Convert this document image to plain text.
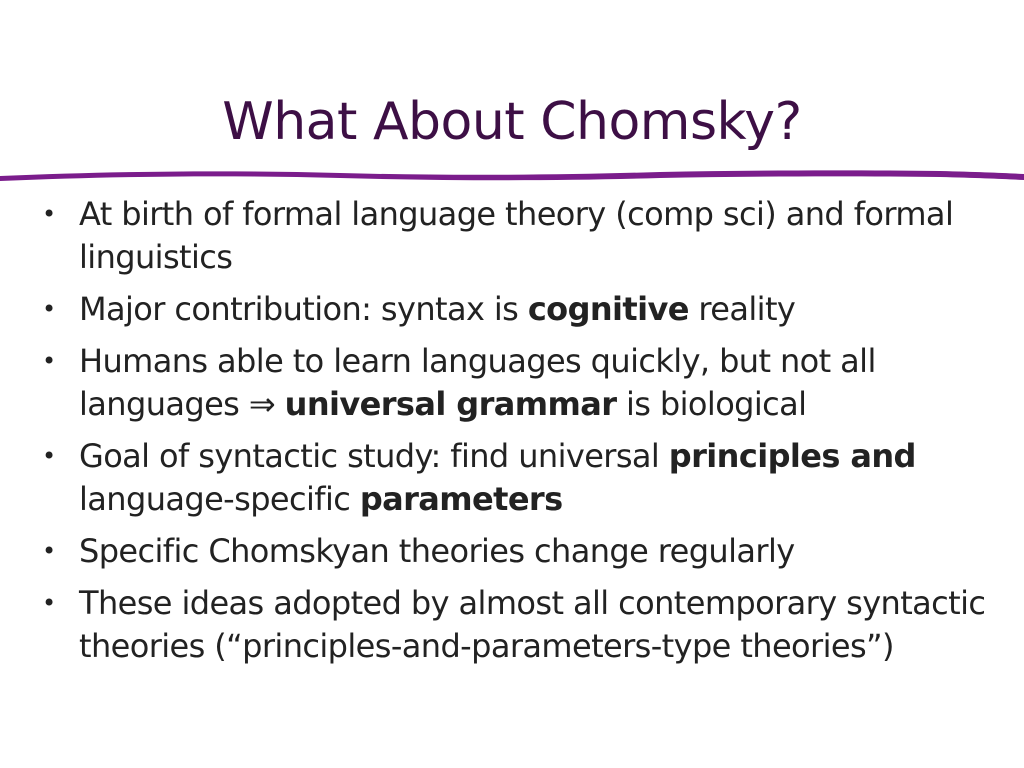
What About Chomsky?
• At birth of formal language theory (comp sci) and formal linguistics
• Major contribution: syntax is cognitive reality
• Humans able to learn languages quickly, but not all languages ⇒ universal grammar is biological
• Goal of syntactic study: find universal principles and language-specific parameters
• Specific Chomskyan theories change regularly
• These ideas adopted by almost all contemporary syntactic theories (“principles-and-parameters-type theories”)
